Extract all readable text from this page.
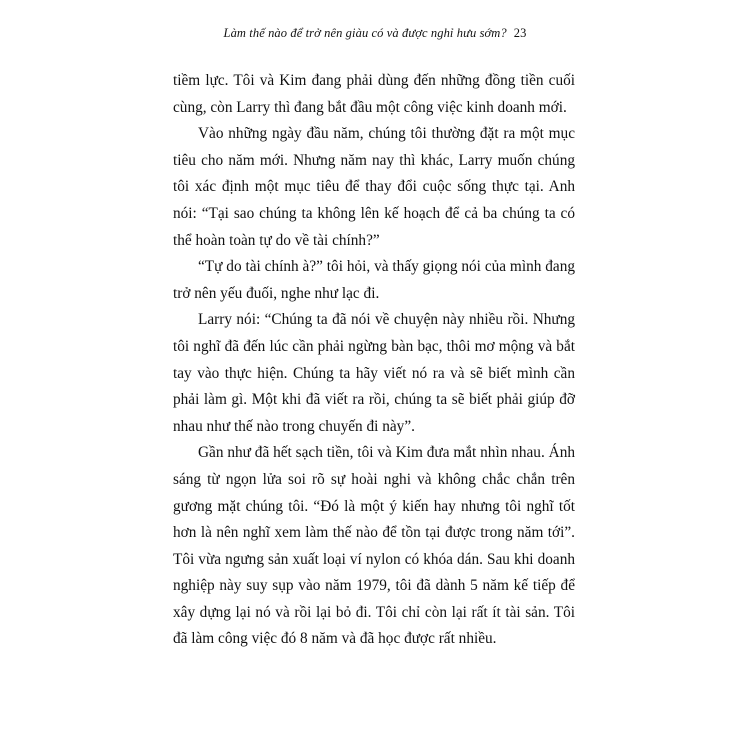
Làm thế nào để trở nên giàu có và được nghỉ hưu sớm? 23

tiềm lực. Tôi và Kim đang phải dùng đến những đồng tiền cuối cùng, còn Larry thì đang bắt đầu một công việc kinh doanh mới.

Vào những ngày đầu năm, chúng tôi thường đặt ra một mục tiêu cho năm mới. Nhưng năm nay thì khác, Larry muốn chúng tôi xác định một mục tiêu để thay đổi cuộc sống thực tại. Anh nói: “Tại sao chúng ta không lên kế hoạch để cả ba chúng ta có thể hoàn toàn tự do về tài chính?”

“Tự do tài chính à?” tôi hỏi, và thấy giọng nói của mình đang trở nên yếu đuối, nghe như lạc đi.

Larry nói: “Chúng ta đã nói về chuyện này nhiều rồi. Nhưng tôi nghĩ đã đến lúc cần phải ngừng bàn bạc, thôi mơ mộng và bắt tay vào thực hiện. Chúng ta hãy viết nó ra và sẽ biết mình cần phải làm gì. Một khi đã viết ra rồi, chúng ta sẽ biết phải giúp đỡ nhau như thế nào trong chuyến đi này”.

Gần như đã hết sạch tiền, tôi và Kim đưa mắt nhìn nhau. Ánh sáng từ ngọn lửa soi rõ sự hoài nghi và không chắc chắn trên gương mặt chúng tôi. “Đó là một ý kiến hay nhưng tôi nghĩ tốt hơn là nên nghĩ xem làm thế nào để tồn tại được trong năm tới”. Tôi vừa ngưng sản xuất loại ví nylon có khóa dán. Sau khi doanh nghiệp này suy sụp vào năm 1979, tôi đã dành 5 năm kế tiếp để xây dựng lại nó và rồi lại bỏ đi. Tôi chỉ còn lại rất ít tài sản. Tôi đã làm công việc đó 8 năm và đã học được rất nhiều.
